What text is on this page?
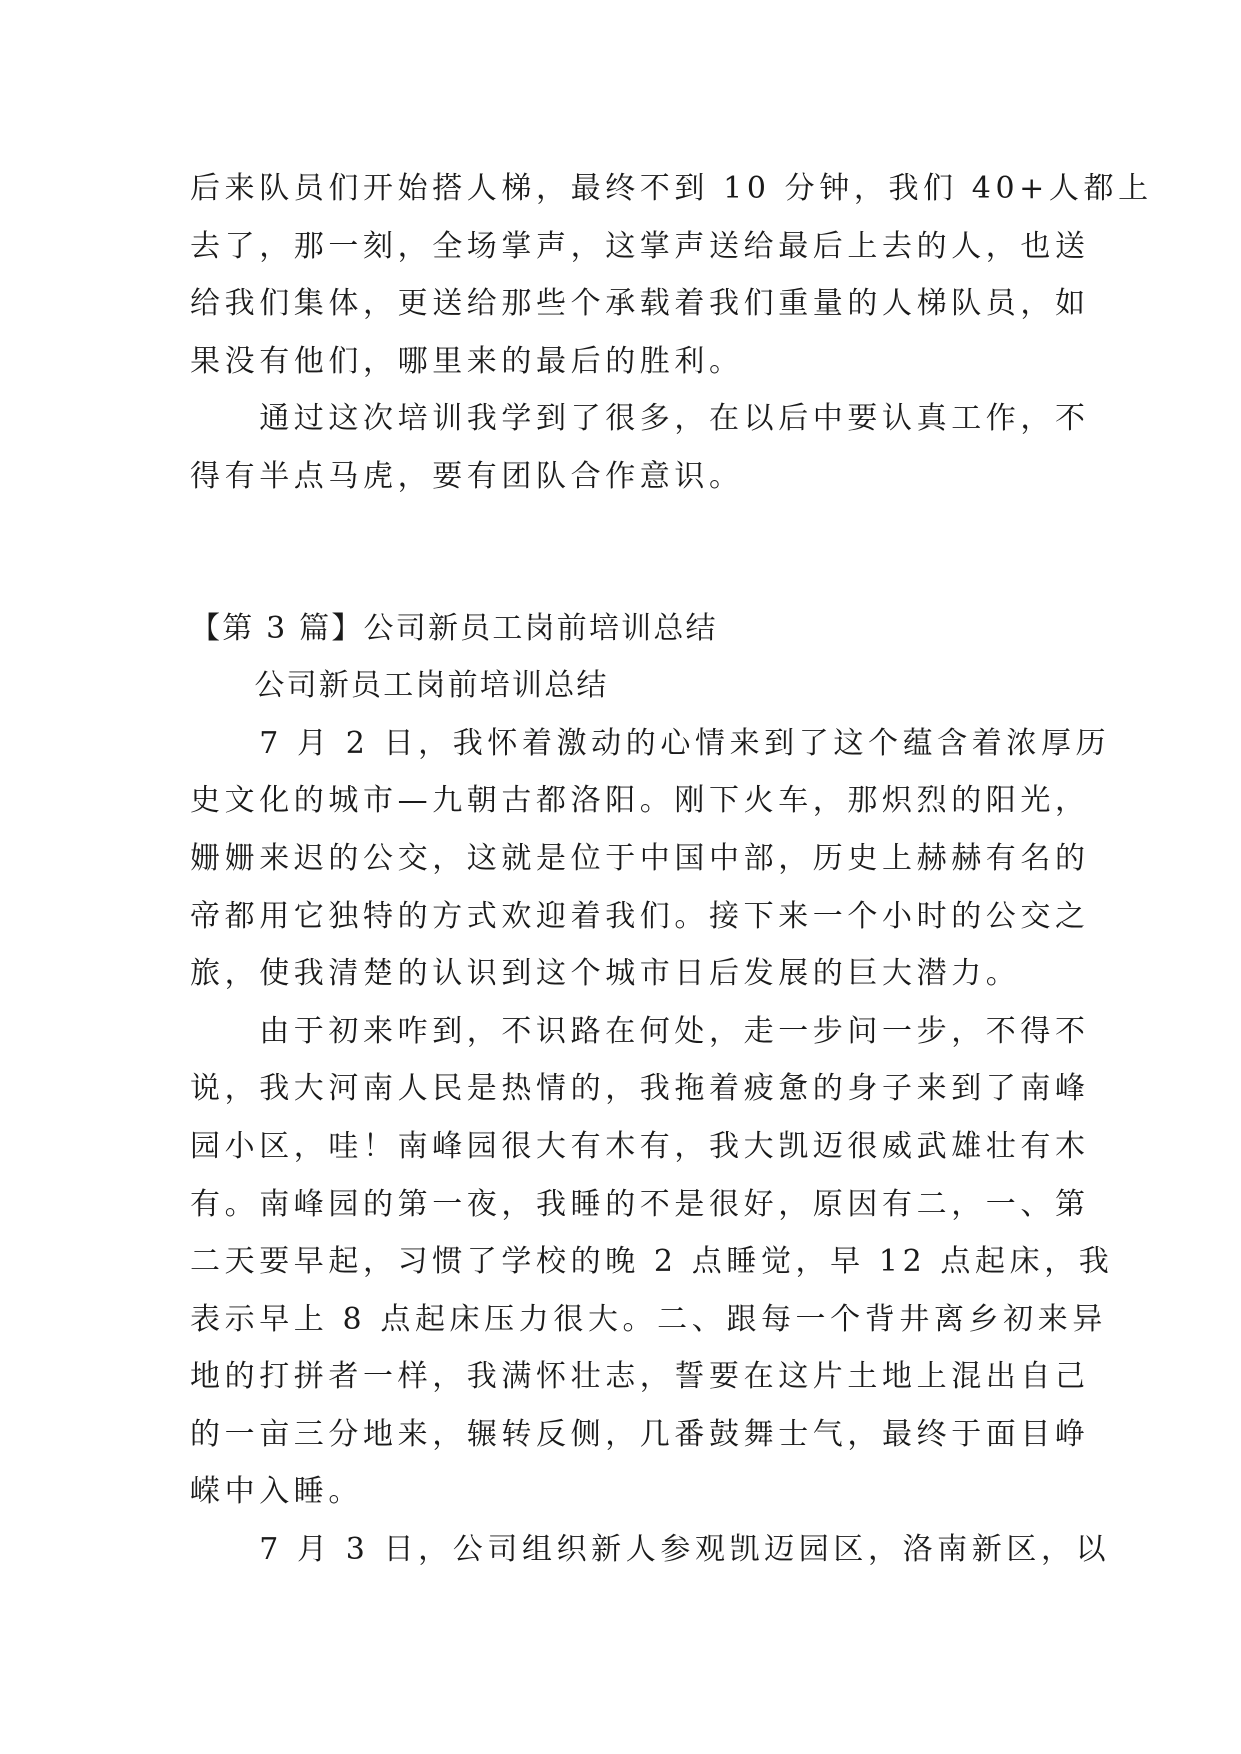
后来队员们开始搭人梯，最终不到 10 分钟，我们 40+人都上
去了，那一刻，全场掌声，这掌声送给最后上去的人，也送
给我们集体，更送给那些个承载着我们重量的人梯队员，如
果没有他们，哪里来的最后的胜利。
　　通过这次培训我学到了很多，在以后中要认真工作，不
得有半点马虎，要有团队合作意识。
【第 3 篇】公司新员工岗前培训总结
　　公司新员工岗前培训总结
　　7 月 2 日，我怀着激动的心情来到了这个蕴含着浓厚历
史文化的城市—九朝古都洛阳。刚下火车，那炽烈的阳光，
姗姗来迟的公交，这就是位于中国中部，历史上赫赫有名的
帝都用它独特的方式欢迎着我们。接下来一个小时的公交之
旅，使我清楚的认识到这个城市日后发展的巨大潜力。
　　由于初来咋到，不识路在何处，走一步问一步，不得不
说，我大河南人民是热情的，我拖着疲惫的身子来到了南峰
园小区，哇！南峰园很大有木有，我大凯迈很威武雄壮有木
有。南峰园的第一夜，我睡的不是很好，原因有二，一、第
二天要早起，习惯了学校的晚 2 点睡觉，早 12 点起床，我
表示早上 8 点起床压力很大。二、跟每一个背井离乡初来异
地的打拼者一样，我满怀壮志，誓要在这片土地上混出自己
的一亩三分地来，辗转反侧，几番鼓舞士气，最终于面目峥
嵘中入睡。
　　7 月 3 日，公司组织新人参观凯迈园区，洛南新区，以
